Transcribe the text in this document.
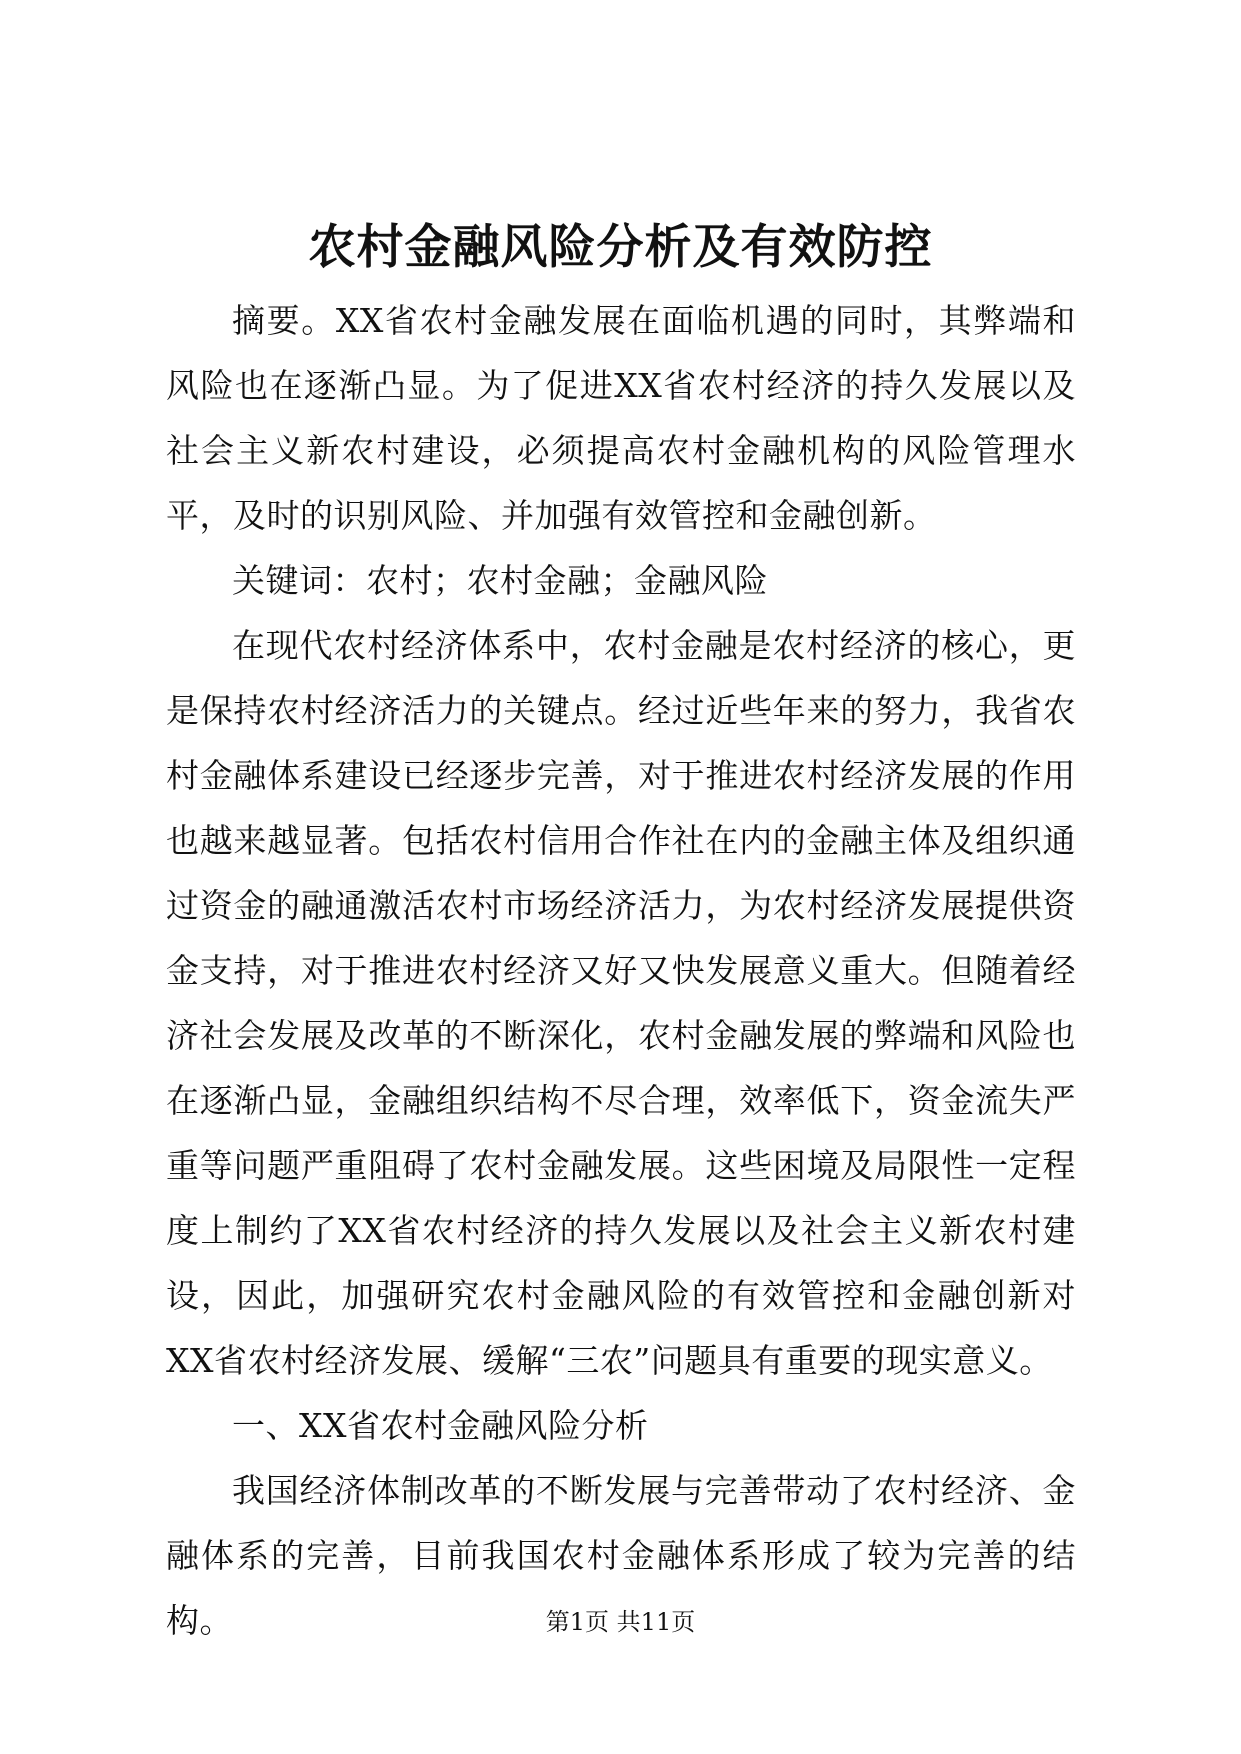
农村金融风险分析及有效防控

摘要。XX省农村金融发展在面临机遇的同时，其弊端和风险也在逐渐凸显。为了促进XX省农村经济的持久发展以及社会主义新农村建设，必须提高农村金融机构的风险管理水平，及时的识别风险、并加强有效管控和金融创新。

关键词：农村；农村金融；金融风险

在现代农村经济体系中，农村金融是农村经济的核心，更是保持农村经济活力的关键点。经过近些年来的努力，我省农村金融体系建设已经逐步完善，对于推进农村经济发展的作用也越来越显著。包括农村信用合作社在内的金融主体及组织通过资金的融通激活农村市场经济活力，为农村经济发展提供资金支持，对于推进农村经济又好又快发展意义重大。但随着经济社会发展及改革的不断深化，农村金融发展的弊端和风险也在逐渐凸显，金融组织结构不尽合理，效率低下，资金流失严重等问题严重阻碍了农村金融发展。这些困境及局限性一定程度上制约了XX省农村经济的持久发展以及社会主义新农村建设，因此，加强研究农村金融风险的有效管控和金融创新对XX省农村经济发展、缓解“三农”问题具有重要的现实意义。

一、XX省农村金融风险分析

我国经济体制改革的不断发展与完善带动了农村经济、金融体系的完善，目前我国农村金融体系形成了较为完善的结构。	第1页 共11页
